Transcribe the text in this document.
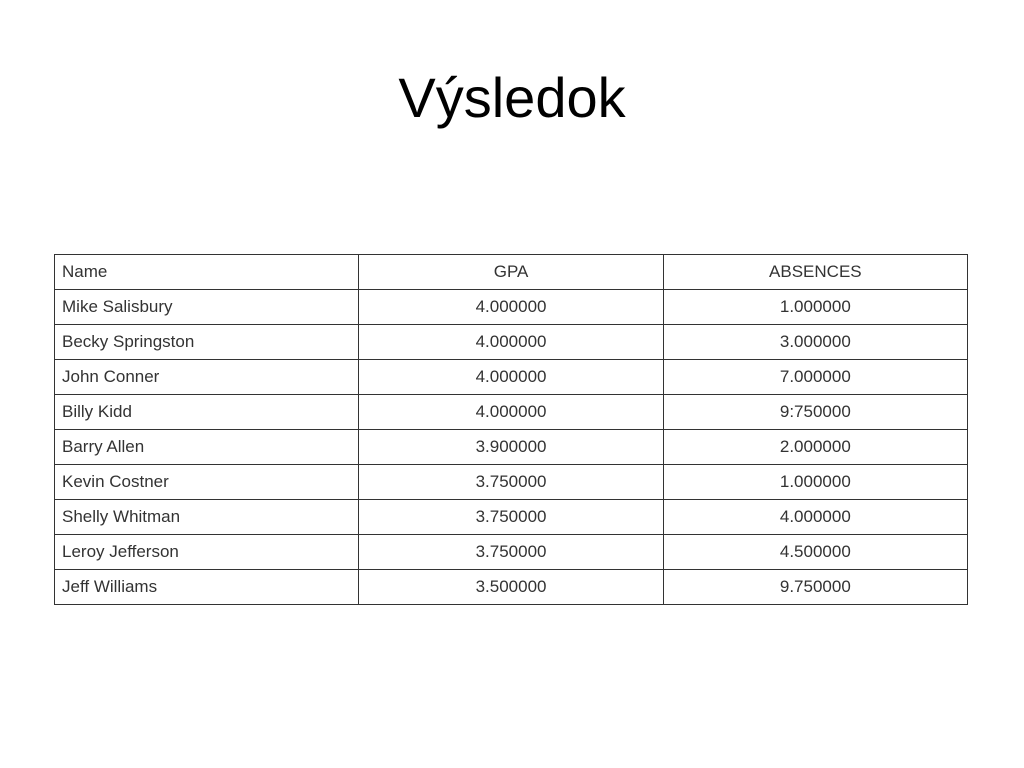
Výsledok
Name	GPA	ABSENCES
Mike Salisbury	4.000000	1.000000
Becky Springston	4.000000	3.000000
John Conner	4.000000	7.000000
Billy Kidd	4.000000	9:750000
Barry Allen	3.900000	2.000000
Kevin Costner	3.750000	1.000000
Shelly Whitman	3.750000	4.000000
Leroy Jefferson	3.750000	4.500000
Jeff Williams	3.500000	9.750000
